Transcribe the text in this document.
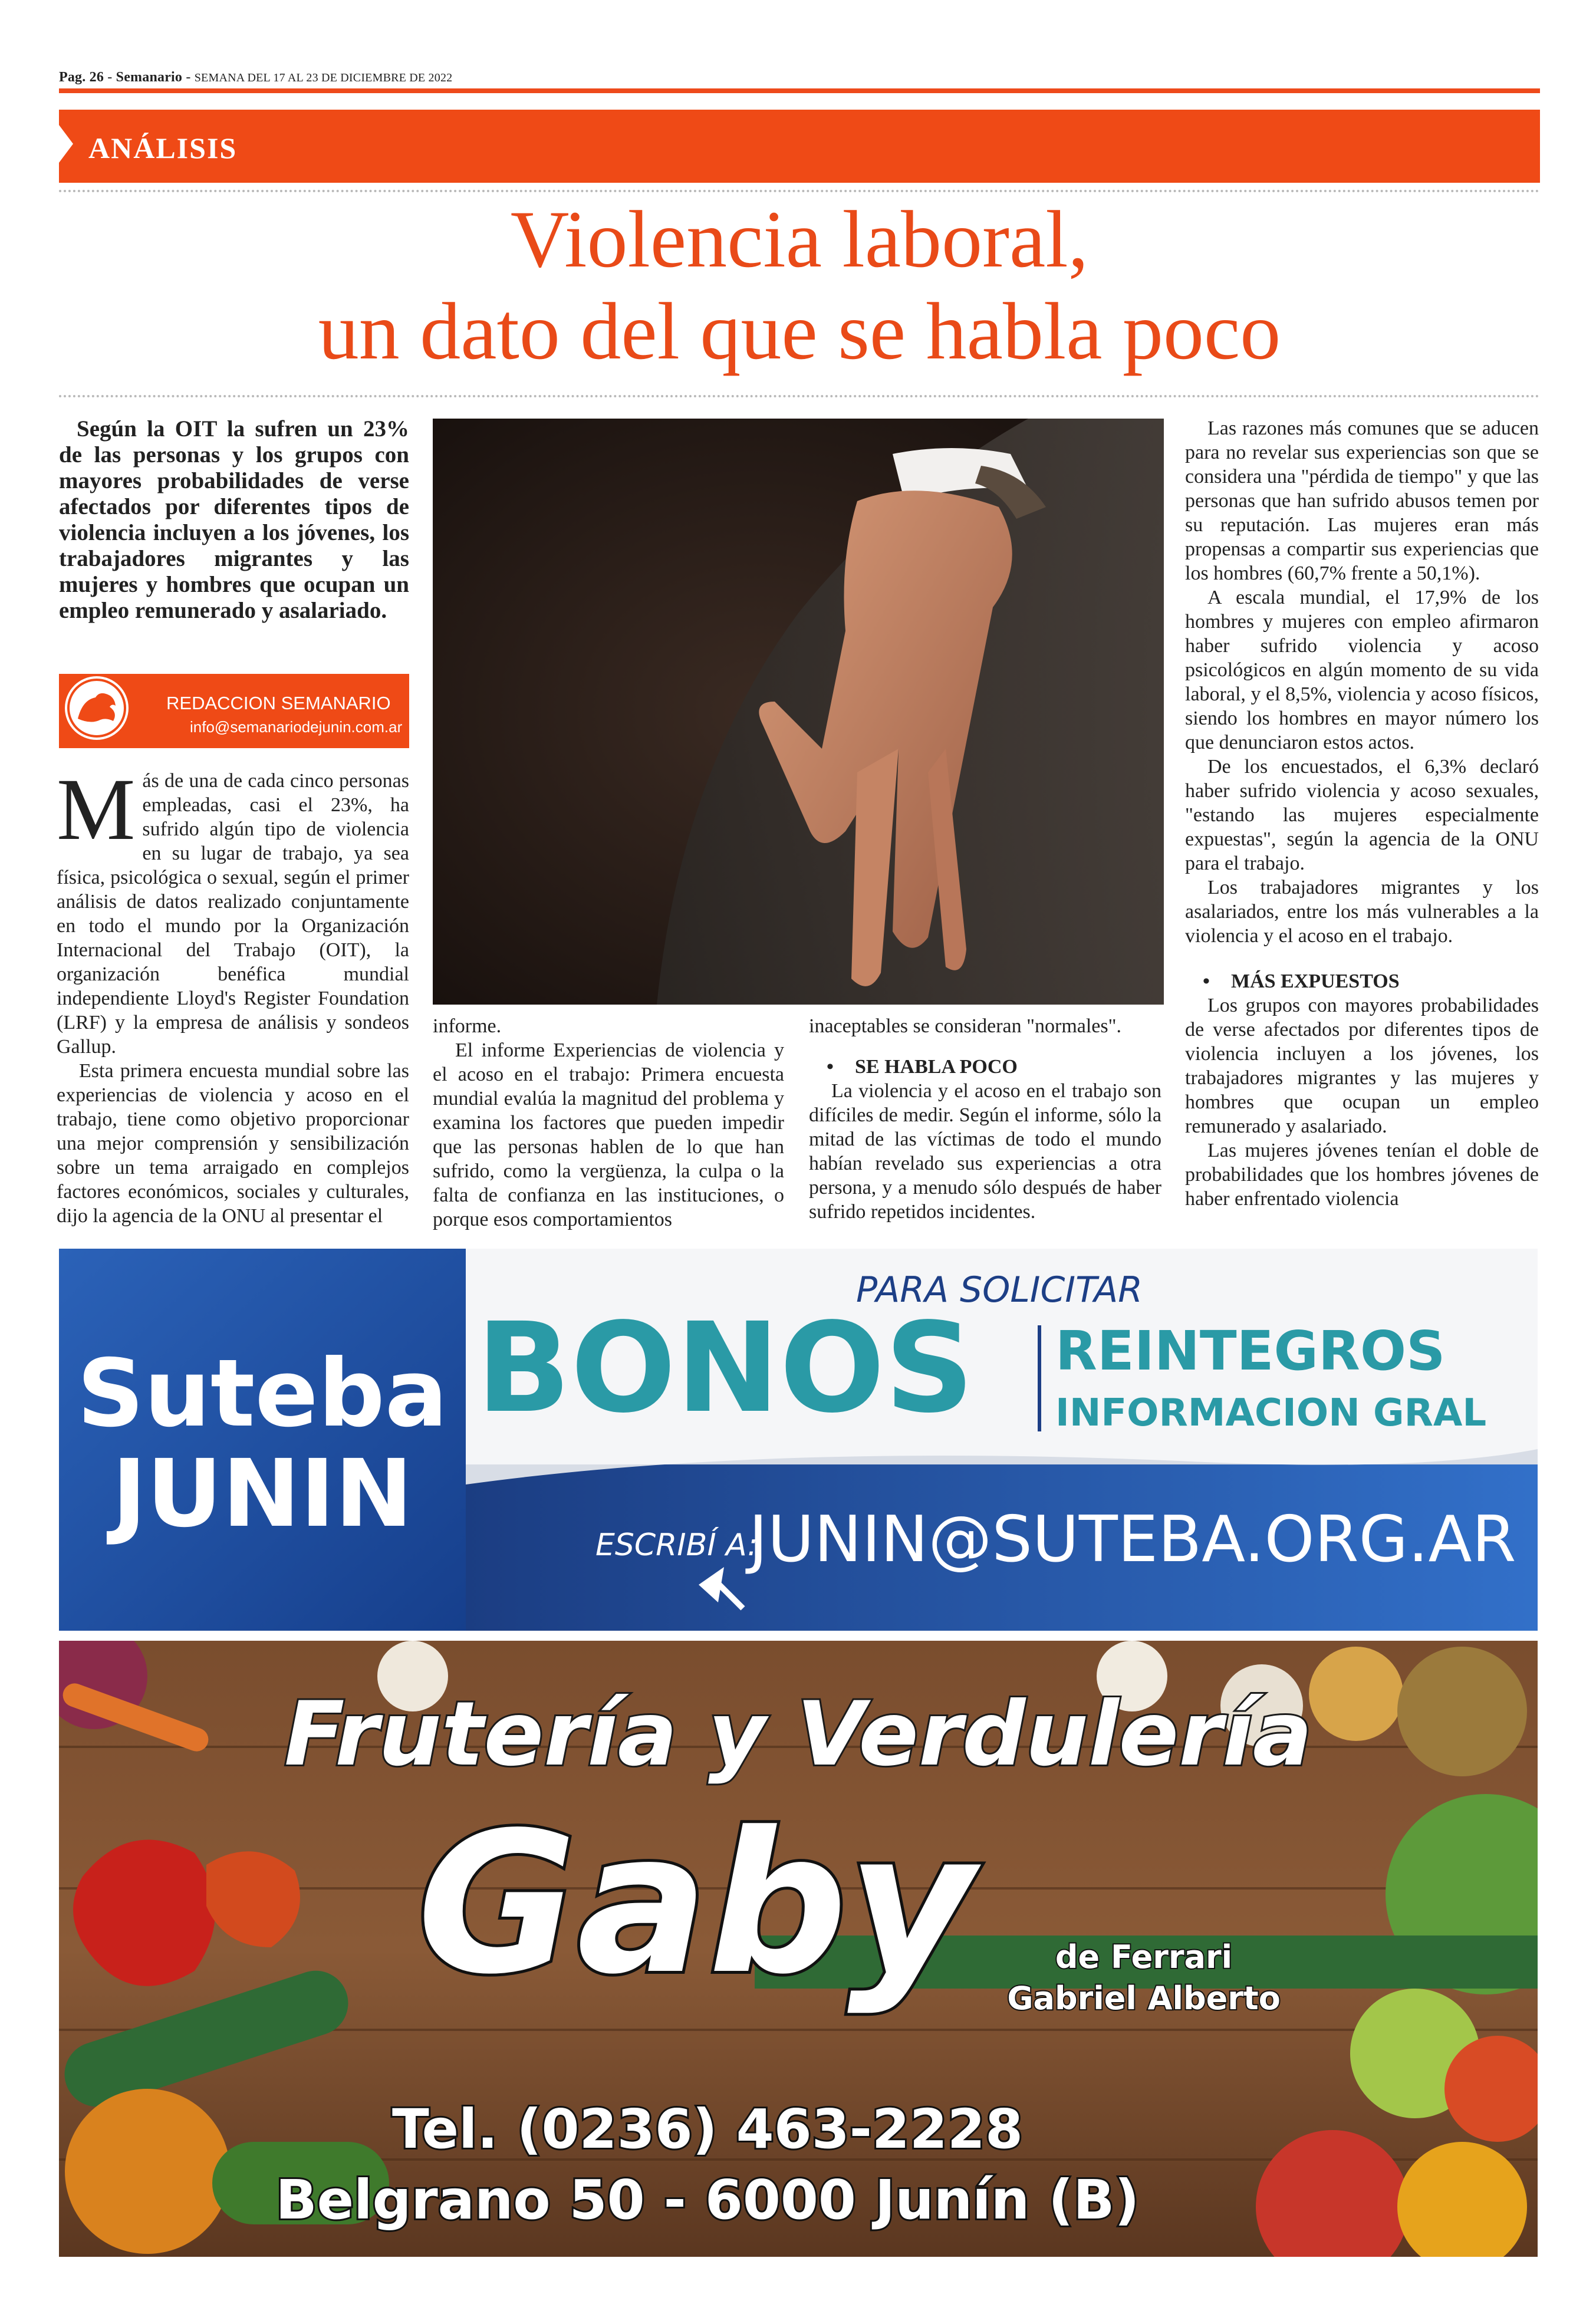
Pag. 26 - Semanario - SEMANA DEL 17 AL 23 DE DICIEMBRE DE 2022
ANÁLISIS
Violencia laboral,
un dato del que se habla poco
Según la OIT la sufren un 23% de las personas y los grupos con mayores probabilidades de verse afectados por diferentes tipos de violencia incluyen a los jóvenes, los trabajadores migrantes y las mujeres y hombres que ocupan un empleo remunerado y asalariado.
REDACCION SEMANARIO
info@semanariodejunin.com.ar

Más de una de cada cinco personas empleadas, casi el 23%, ha sufrido algún tipo de violencia en su lugar de trabajo, ya sea física, psicológica o sexual, según el primer análisis de datos realizado conjuntamente en todo el mundo por la Organización Internacional del Trabajo (OIT), la organización benéfica mundial independiente Lloyd's Register Foundation (LRF) y la empresa de análisis y sondeos Gallup.

Esta primera encuesta mundial sobre las experiencias de violencia y acoso en el trabajo, tiene como objetivo proporcionar una mejor comprensión y sensibilización sobre un tema arraigado en complejos factores económicos, sociales y culturales, dijo la agencia de la ONU al presentar el

informe.

El informe Experiencias de violencia y el acoso en el trabajo: Primera encuesta mundial evalúa la magnitud del problema y examina los factores que pueden impedir que las personas hablen de lo que han sufrido, como la vergüenza, la culpa o la falta de confianza en las instituciones, o porque esos comportamientos

inaceptables se consideran "normales".

• SE HABLA POCO

La violencia y el acoso en el trabajo son difíciles de medir. Según el informe, sólo la mitad de las víctimas de todo el mundo habían revelado sus experiencias a otra persona, y a menudo sólo después de haber sufrido repetidos incidentes.

Las razones más comunes que se aducen para no revelar sus experiencias son que se considera una "pérdida de tiempo" y que las personas que han sufrido abusos temen por su reputación. Las mujeres eran más propensas a compartir sus experiencias que los hombres (60,7% frente a 50,1%).

A escala mundial, el 17,9% de los hombres y mujeres con empleo afirmaron haber sufrido violencia y acoso psicológicos en algún momento de su vida laboral, y el 8,5%, violencia y acoso físicos, siendo los hombres en mayor número los que denunciaron estos actos.

De los encuestados, el 6,3% declaró haber sufrido violencia y acoso sexuales, "estando las mujeres especialmente expuestas", según la agencia de la ONU para el trabajo.

Los trabajadores migrantes y los asalariados, entre los más vulnerables a la violencia y el acoso en el trabajo.

• MÁS EXPUESTOS

Los grupos con mayores probabilidades de verse afectados por diferentes tipos de violencia incluyen a los jóvenes, los trabajadores migrantes y las mujeres y hombres que ocupan un empleo remunerado y asalariado.

Las mujeres jóvenes tenían el doble de probabilidades que los hombres jóvenes de haber enfrentado violencia

Suteba
JUNIN
PARA SOLICITAR
BONOS REINTEGROS
INFORMACION GRAL
ESCRIBÍ A:
JUNIN@SUTEBA.ORG.AR
Frutería y Verdulería
Gaby	de Ferrari
Gabriel Alberto
Tel. (0236) 463-2228
Belgrano 50 - 6000 Junín (B)
